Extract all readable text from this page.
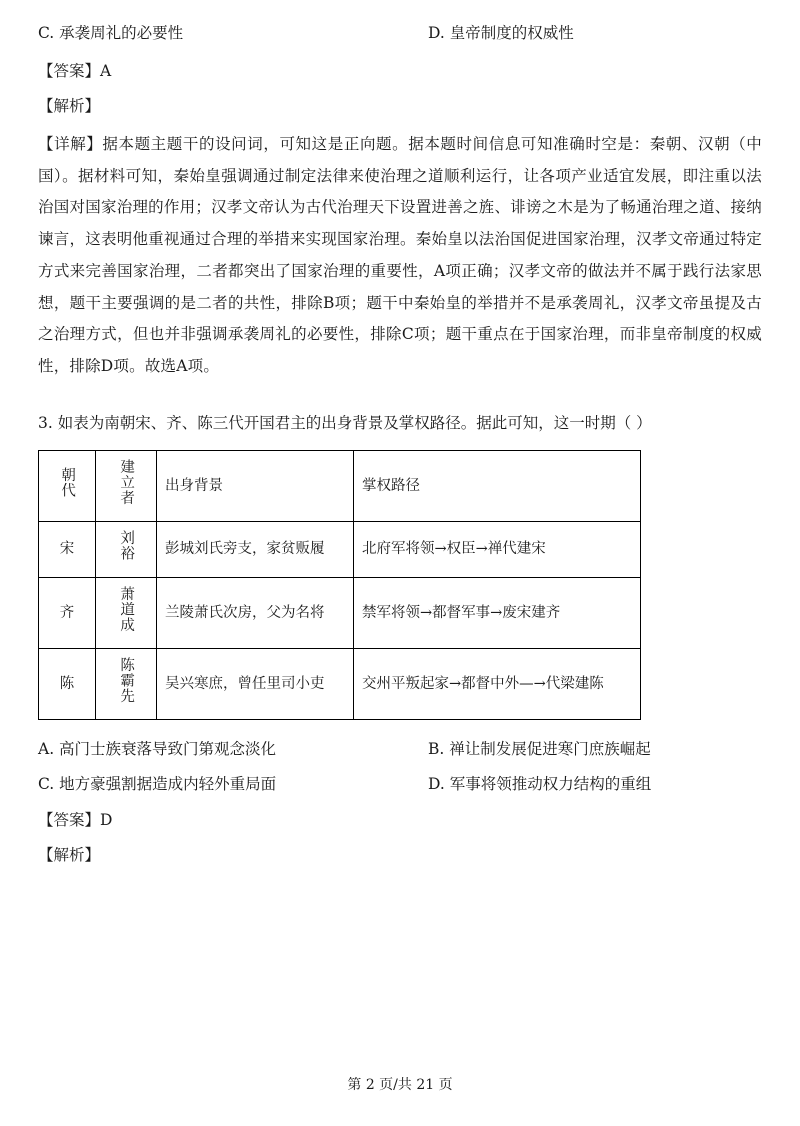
C. 承袭周礼的必要性	D. 皇帝制度的权威性
【答案】A
【解析】
【详解】据本题主题干的设问词，可知这是正向题。据本题时间信息可知准确时空是：秦朝、汉朝（中国）。据材料可知，秦始皇强调通过制定法律来使治理之道顺利运行，让各项产业适宜发展，即注重以法治国对国家治理的作用；汉孝文帝认为古代治理天下设置进善之旌、诽谤之木是为了畅通治理之道、接纳谏言，这表明他重视通过合理的举措来实现国家治理。秦始皇以法治国促进国家治理，汉孝文帝通过特定方式来完善国家治理，二者都突出了国家治理的重要性，A项正确；汉孝文帝的做法并不属于践行法家思想，题干主要强调的是二者的共性，排除B项；题干中秦始皇的举措并不是承袭周礼，汉孝文帝虽提及古之治理方式，但也并非强调承袭周礼的必要性，排除C项；题干重点在于国家治理，而非皇帝制度的权威性，排除D项。故选A项。
3. 如表为南朝宋、齐、陈三代开国君主的出身背景及掌权路径。据此可知，这一时期（ ）
朝代	建立者	出身背景	掌权路径
宋	刘裕	彭城刘氏旁支，家贫贩履	北府军将领→权臣→禅代建宋
齐	萧道成	兰陵萧氏次房，父为名将	禁军将领→都督军事→废宋建齐
陈	陈霸先	吴兴寒庶，曾任里司小吏	交州平叛起家→都督中外—→代梁建陈
A. 高门士族衰落导致门第观念淡化	B. 禅让制发展促进寒门庶族崛起
C. 地方豪强割据造成内轻外重局面	D. 军事将领推动权力结构的重组
【答案】D
【解析】
第 2 页/共 21 页
